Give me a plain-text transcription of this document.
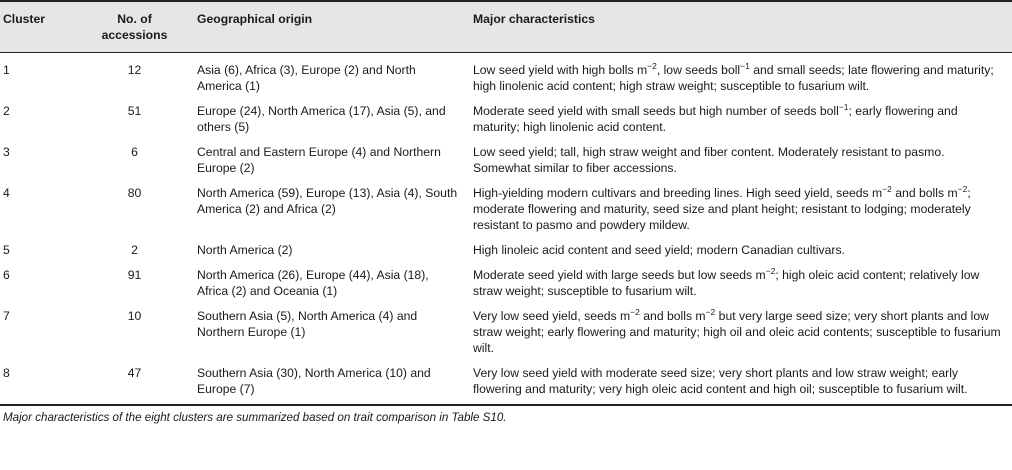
Cluster	No. of accessions	Geographical origin	Major characteristics
1	12	Asia (6), Africa (3), Europe (2) and North America (1)	Low seed yield with high bolls $m^{-2}$, low seeds boll$^{-1}$ and small seeds; late flowering and maturity; high linolenic acid content; high straw weight; susceptible to fusarium wilt.
2	51	Europe (24), North America (17), Asia (5), and others (5)	Moderate seed yield with small seeds but high number of seeds boll$^{-1}$; early flowering and maturity; high linolenic acid content.
3	6	Central and Eastern Europe (4) and Northern Europe (2)	Low seed yield; tall, high straw weight and fiber content. Moderately resistant to pasmo. Somewhat similar to fiber accessions.
4	80	North America (59), Europe (13), Asia (4), South America (2) and Africa (2)	High-yielding modern cultivars and breeding lines. High seed yield, seeds $m^{-2}$ and bolls $m^{-2}$; moderate flowering and maturity, seed size and plant height; resistant to lodging; moderately resistant to pasmo and powdery mildew.
5	2	North America (2)	High linoleic acid content and seed yield; modern Canadian cultivars.
6	91	North America (26), Europe (44), Asia (18), Africa (2) and Oceania (1)	Moderate seed yield with large seeds but low seeds $m^{-2}$; high oleic acid content; relatively low straw weight; susceptible to fusarium wilt.
7	10	Southern Asia (5), North America (4) and Northern Europe (1)	Very low seed yield, seeds $m^{-2}$ and bolls $m^{-2}$ but very large seed size; very short plants and low straw weight; early flowering and maturity; high oil and oleic acid contents; susceptible to fusarium wilt.
8	47	Southern Asia (30), North America (10) and Europe (7)	Very low seed yield with moderate seed size; very short plants and low straw weight; early flowering and maturity; very high oleic acid content and high oil; susceptible to fusarium wilt.
Major characteristics of the eight clusters are summarized based on trait comparison in Table S10.
